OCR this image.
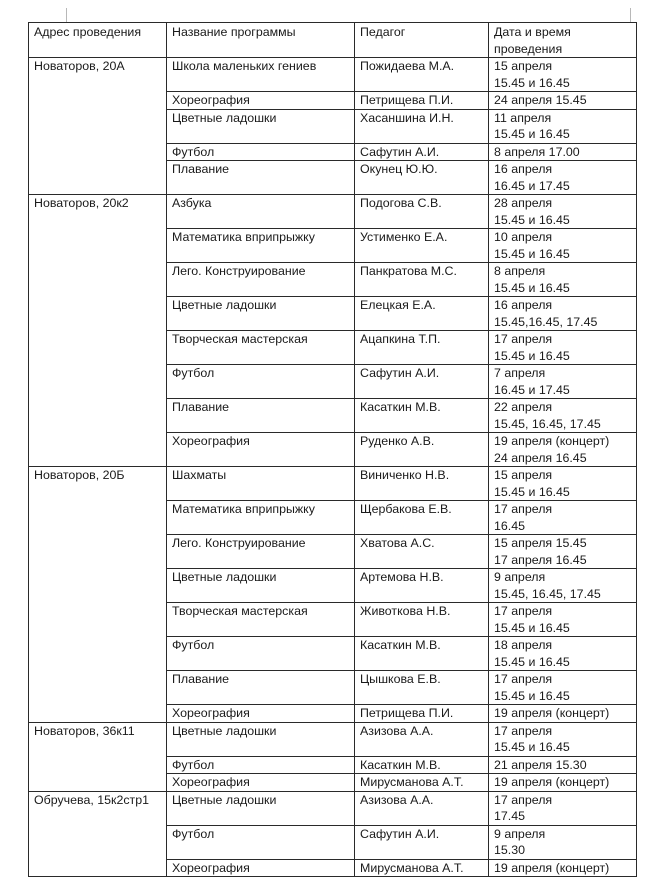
Адрес проведения	Название программы	Педагог	Дата и время
проведения

Новаторов, 20А	Школа маленьких гениев	Пожидаева М.А.	15 апреля
15.45 и 16.45

	Хореография	Петрищева П.И.	24 апреля 15.45

	Цветные ладошки	Хасаншина И.Н.	11 апреля
15.45 и 16.45

	Футбол	Сафутин А.И.	8 апреля 17.00

	Плавание	Окунец Ю.Ю.	16 апреля
16.45 и 17.45

Новаторов, 20к2	Азбука	Подогова С.В.	28 апреля
15.45 и 16.45

	Математика вприпрыжку	Устименко Е.А.	10 апреля
15.45 и 16.45

	Лего. Конструирование	Панкратова М.С.	8 апреля
15.45 и 16.45

	Цветные ладошки	Елецкая Е.А.	16 апреля
15.45,16.45, 17.45

	Творческая мастерская	Ацапкина Т.П.	17 апреля
15.45 и 16.45

	Футбол	Сафутин А.И.	7 апреля
16.45 и 17.45

	Плавание	Касаткин М.В.	22 апреля
15.45, 16.45, 17.45

	Хореография	Руденко А.В.	19 апреля (концерт)
24 апреля 16.45

Новаторов, 20Б	Шахматы	Виниченко Н.В.	15 апреля
15.45 и 16.45

	Математика вприпрыжку	Щербакова Е.В.	17 апреля
16.45

	Лего. Конструирование	Хватова А.С.	15 апреля 15.45
17 апреля 16.45

	Цветные ладошки	Артемова Н.В.	9 апреля
15.45, 16.45, 17.45

	Творческая мастерская	Животкова Н.В.	17 апреля
15.45 и 16.45

	Футбол	Касаткин М.В.	18 апреля
15.45 и 16.45

	Плавание	Цышкова Е.В.	17 апреля
15.45 и 16.45

	Хореография	Петрищева П.И.	19 апреля (концерт)

Новаторов, 36к11	Цветные ладошки	Азизова А.А.	17 апреля
15.45 и 16.45

	Футбол	Касаткин М.В.	21 апреля 15.30

	Хореография	Мирусманова А.Т.	19 апреля (концерт)

Обручева, 15к2стр1	Цветные ладошки	Азизова А.А.	17 апреля
17.45

	Футбол	Сафутин А.И.	9 апреля
15.30

	Хореография	Мирусманова А.Т.	19 апреля (концерт)
